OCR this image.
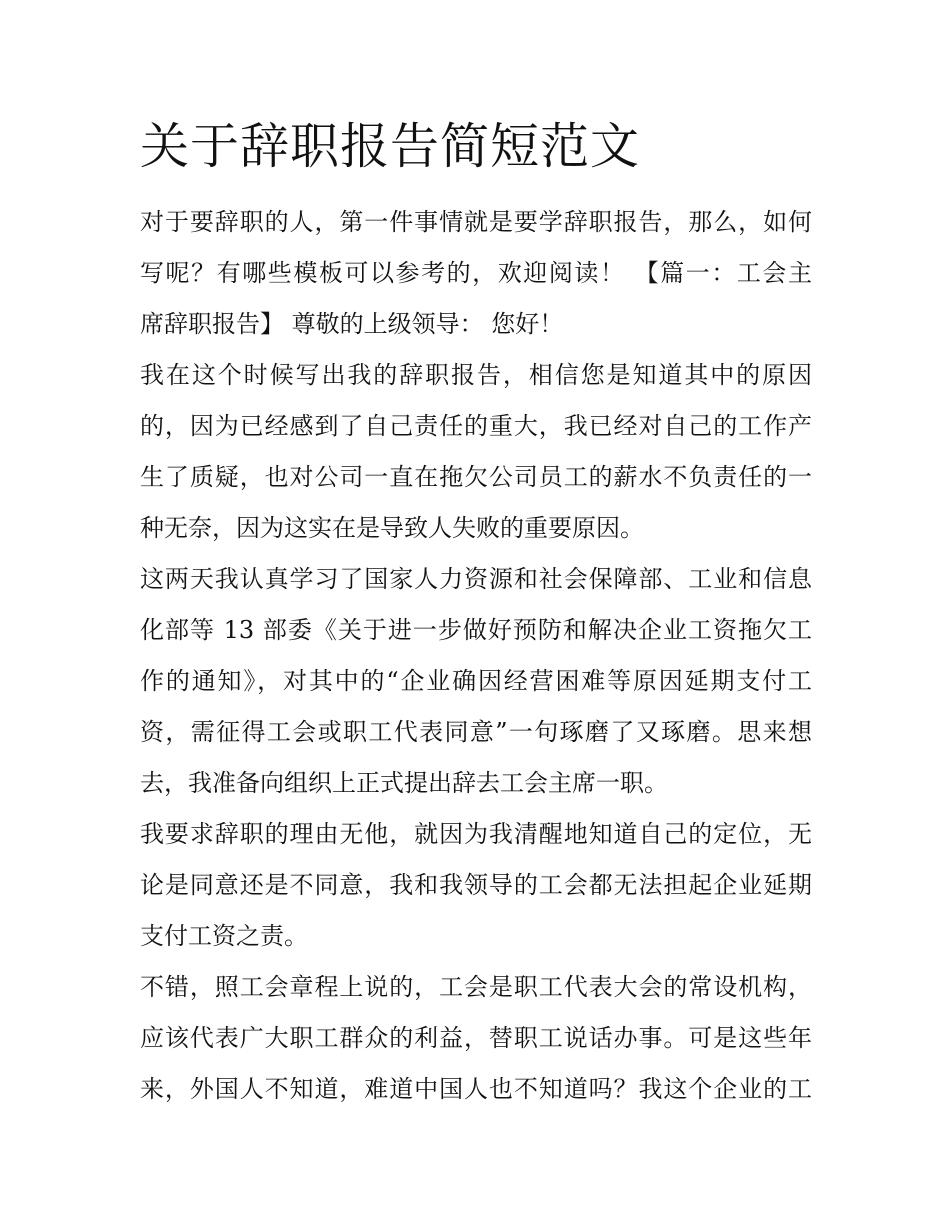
关于辞职报告简短范文

对于要辞职的人，第一件事情就是要学辞职报告，那么，如何
写呢？有哪些模板可以参考的，欢迎阅读！ 【篇一：工会主
席辞职报告】 尊敬的上级领导： 您好！

我在这个时候写出我的辞职报告，相信您是知道其中的原因
的，因为已经感到了自己责任的重大，我已经对自己的工作产
生了质疑，也对公司一直在拖欠公司员工的薪水不负责任的一
种无奈，因为这实在是导致人失败的重要原因。

这两天我认真学习了国家人力资源和社会保障部、工业和信息
化部等 13 部委《关于进一步做好预防和解决企业工资拖欠工
作的通知》，对其中的“企业确因经营困难等原因延期支付工
资，需征得工会或职工代表同意”一句琢磨了又琢磨。思来想
去，我准备向组织上正式提出辞去工会主席一职。

我要求辞职的理由无他，就因为我清醒地知道自己的定位，无
论是同意还是不同意，我和我领导的工会都无法担起企业延期
支付工资之责。

不错，照工会章程上说的，工会是职工代表大会的常设机构，
应该代表广大职工群众的利益，替职工说话办事。可是这些年
来，外国人不知道，难道中国人也不知道吗？我这个企业的工
